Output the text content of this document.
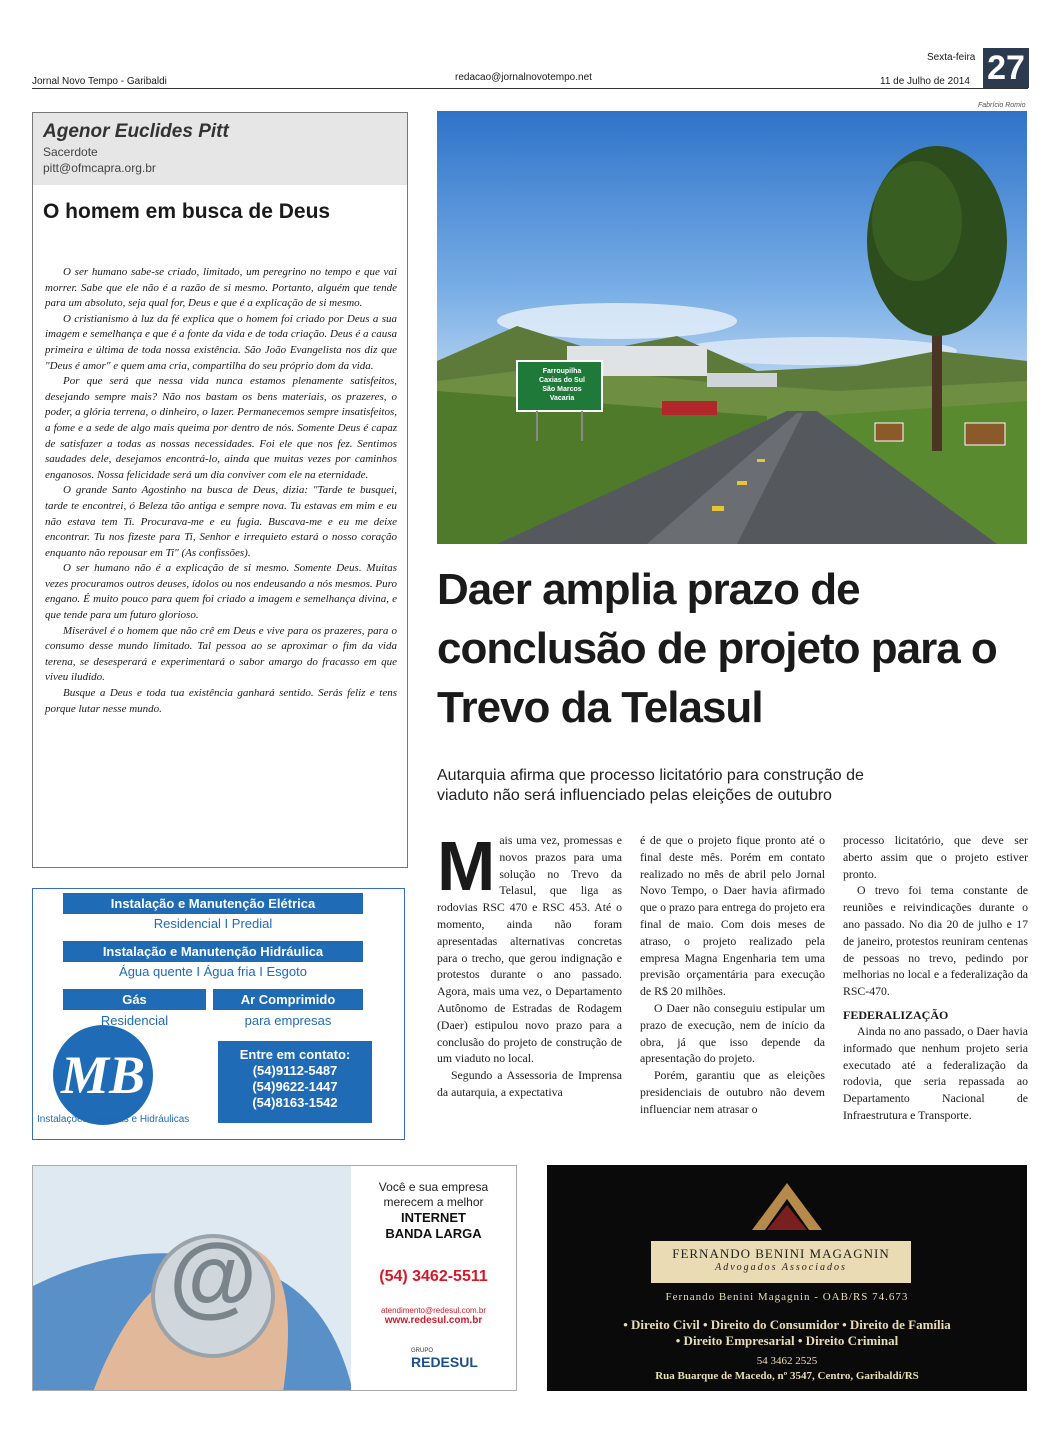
Jornal Novo Tempo - Garibaldi	redacao@jornalnovotempo.net
Sexta-feira
11 de Julho de 2014 27
Agenor Euclides Pitt
Sacerdote
pitt@ofmcapra.org.br
O homem em busca de Deus

O ser humano sabe-se criado, limitado, um peregrino no tempo e que vai morrer. Sabe que ele não é a razão de si mesmo. Portanto, alguém que tende para um absoluto, seja qual for, Deus e que é a explicação de si mesmo.

O cristianismo à luz da fé explica que o homem foi criado por Deus a sua imagem e semelhança e que é a fonte da vida e de toda criação. Deus é a causa primeira e última de toda nossa existência. São João Evangelista nos diz que "Deus é amor" e quem ama cria, compartilha do seu próprio dom da vida.

Por que será que nessa vida nunca estamos plenamente satisfeitos, desejando sempre mais? Não nos bastam os bens materiais, os prazeres, o poder, a glória terrena, o dinheiro, o lazer. Permanecemos sempre insatisfeitos, a fome e a sede de algo mais queima por dentro de nós. Somente Deus é capaz de satisfazer a todas as nossas necessidades. Foi ele que nos fez. Sentimos saudades dele, desejamos encontrá-lo, ainda que muitas vezes por caminhos enganosos. Nossa felicidade será um dia conviver com ele na eternidade.

O grande Santo Agostinho na busca de Deus, dizia: "Tarde te busquei, tarde te encontrei, ó Beleza tão antiga e sempre nova. Tu estavas em mim e eu não estava tem Ti. Procurava-me e eu fugia. Buscava-me e eu me deixe encontrar. Tu nos fizeste para Ti, Senhor e irrequieto estará o nosso coração enquanto não repousar em Ti" (As confissões).

O ser humano não é a explicação de si mesmo. Somente Deus. Muitas vezes procuramos outros deuses, ídolos ou nos endeusando a nós mesmos. Puro engano. É muito pouco para quem foi criado a imagem e semelhança divina, e que tende para um futuro glorioso.

Miserável é o homem que não crê em Deus e vive para os prazeres, para o consumo desse mundo limitado. Tal pessoa ao se aproximar o fim da vida terena, se desesperará e experimentará o sabor amargo do fracasso em que viveu iludido.

Busque a Deus e toda tua existência ganhará sentido. Serás feliz e tens porque lutar nesse mundo.

Instalação e Manutenção Elétrica
Residencial I Predial
Instalação e Manutenção Hidráulica
Água quente I Água fria I Esgoto
Gás	Ar Comprimido
Residencial	para empresas
MB
Instalações Elétricas e Hidráulicas
Entre em contato:
(54)9112-5487
(54)9622-1447
(54)8163-1542
Fabrício Romio
Farroupilha
Caxias do Sul
São Marcos
Vacaria
Daer amplia prazo de conclusão de projeto para o Trevo da Telasul
Autarquia afirma que processo licitatório para construção de viaduto não será influenciado pelas eleições de outubro
M ais uma vez, promessas e novos prazos para uma solução no Trevo da Telasul, que liga as rodovias RSC 470 e RSC 453. Até o momento, ainda não foram apresentadas alternativas concretas para o trecho, que gerou indignação e protestos durante o ano passado. Agora, mais uma vez, o Departamento Autônomo de Estradas de Rodagem (Daer) estipulou novo prazo para a conclusão do projeto de construção de um viaduto no local.

Segundo a Assessoria de Imprensa da autarquia, a expectativa

é de que o projeto fique pronto até o final deste mês. Porém em contato realizado no mês de abril pelo Jornal Novo Tempo, o Daer havia afirmado que o prazo para entrega do projeto era final de maio. Com dois meses de atraso, o projeto realizado pela empresa Magna Engenharia tem uma previsão orçamentária para execução de R$ 20 milhões.

O Daer não conseguiu estipular um prazo de execução, nem de início da obra, já que isso depende da apresentação do projeto.

Porém, garantiu que as eleições presidenciais de outubro não devem influenciar nem atrasar o

processo licitatório, que deve ser aberto assim que o projeto estiver pronto.

O trevo foi tema constante de reuniões e reivindicações durante o ano passado. No dia 20 de julho e 17 de janeiro, protestos reuniram centenas de pessoas no trevo, pedindo por melhorias no local e a federalização da RSC-470.

FEDERALIZAÇÃO

Ainda no ano passado, o Daer havia informado que nenhum projeto seria executado até a federalização da rodovia, que seria repassada ao Departamento Nacional de Infraestrutura e Transporte.

@
Você e sua empresa
merecem a melhor
INTERNET
BANDA LARGA
(54) 3462-5511
atendimento@redesul.com.br
www.redesul.com.br
GRUPO
REDESUL
FERNANDO BENINI MAGAGNIN
Advogados Associados
Fernando Benini Magagnin - OAB/RS 74.673
• Direito Civil • Direito do Consumidor • Direito de Família
• Direito Empresarial • Direito Criminal
54 3462 2525
Rua Buarque de Macedo, nº 3547, Centro, Garibaldi/RS
